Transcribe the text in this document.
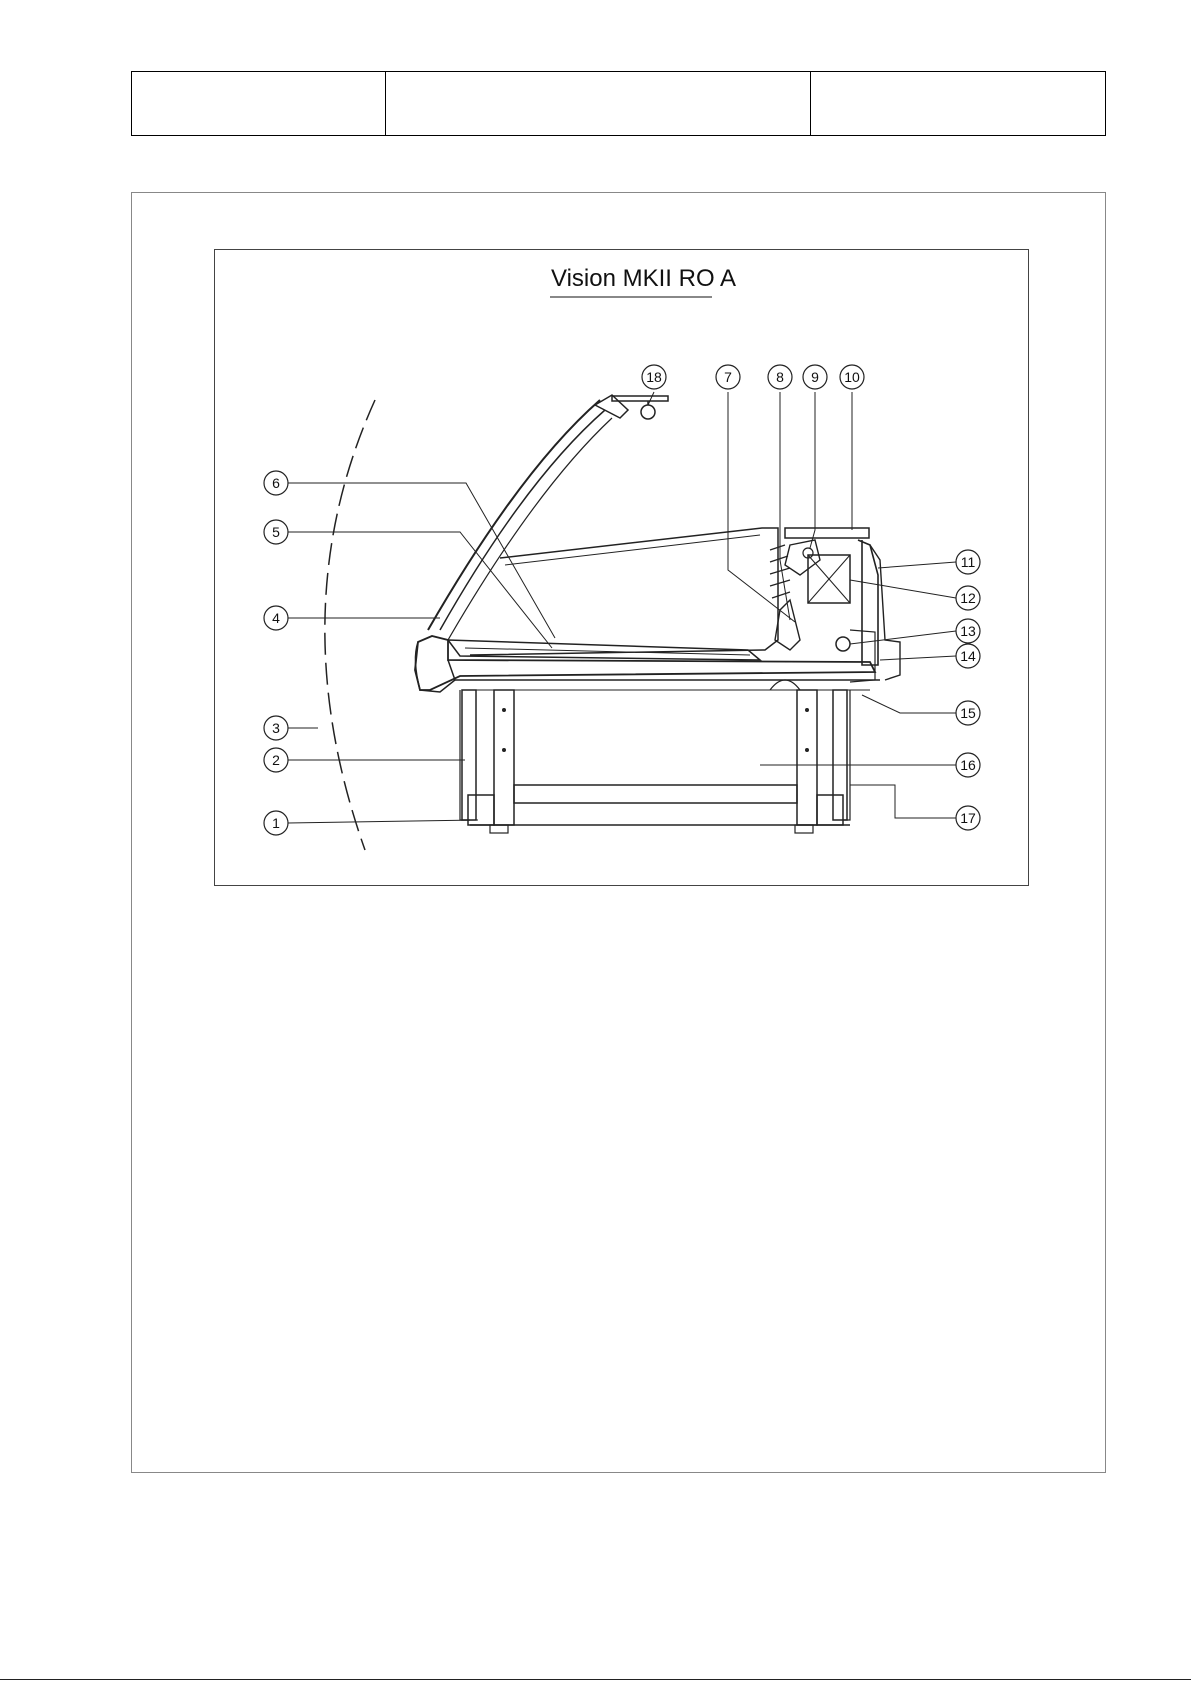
Vision MKII RO A
1
2
3
4
5
6
18	7	8 9 10
11
12
13
14
15
16
17
